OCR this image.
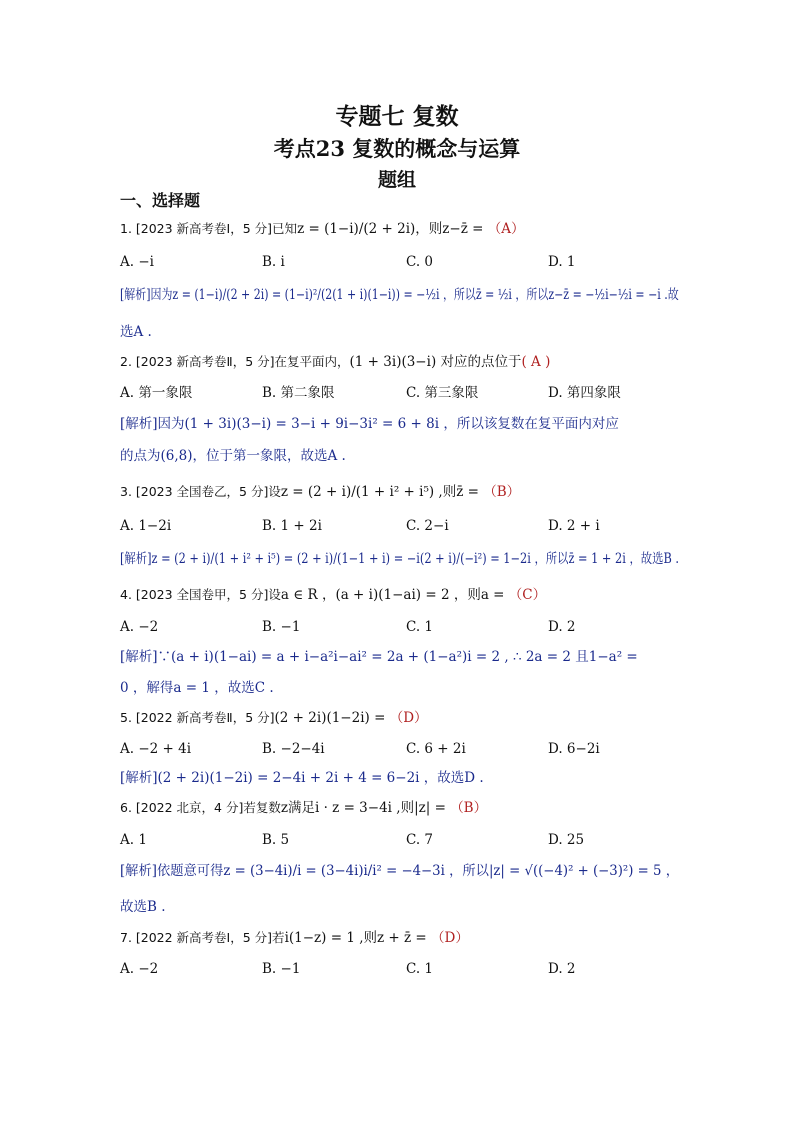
专题七 复数
考点23 复数的概念与运算
题组
一、选择题
1. [2023 新高考卷Ⅰ，5 分]已知z = (1−i)/(2 + 2i)，则z−z̄ = （A）
A. −i	B. i	C. 0	D. 1
[解析]因为z = (1−i)/(2 + 2i) = (1−i)²/(2(1 + i)(1−i)) = −½i ，所以z̄ = ½i ，所以z−z̄ = −½i−½i = −i .故
选A .
2. [2023 新高考卷Ⅱ，5 分]在复平面内，(1 + 3i)(3−i) 对应的点位于( A )
A. 第一象限	B. 第二象限	C. 第三象限	D. 第四象限
[解析]因为(1 + 3i)(3−i) = 3−i + 9i−3i² = 6 + 8i ，所以该复数在复平面内对应
的点为(6,8)，位于第一象限，故选A .
3. [2023 全国卷乙，5 分]设z = (2 + i)/(1 + i² + i⁵) ,则z̄ = （B）
A. 1−2i	B. 1 + 2i	C. 2−i	D. 2 + i
[解析]z = (2 + i)/(1 + i² + i⁵) = (2 + i)/(1−1 + i) = −i(2 + i)/(−i²) = 1−2i ，所以z̄ = 1 + 2i ，故选B .
4. [2023 全国卷甲，5 分]设a ∈ R ，(a + i)(1−ai) = 2 ，则a = （C）
A. −2	B. −1	C. 1	D. 2
[解析]∵(a + i)(1−ai) = a + i−a²i−ai² = 2a + (1−a²)i = 2 , ∴ 2a = 2 且1−a² =
0 ，解得a = 1 ，故选C .
5. [2022 新高考卷Ⅱ，5 分](2 + 2i)(1−2i) = （D）
A. −2 + 4i	B. −2−4i	C. 6 + 2i	D. 6−2i
[解析](2 + 2i)(1−2i) = 2−4i + 2i + 4 = 6−2i ，故选D .
6. [2022 北京，4 分]若复数z满足i · z = 3−4i ,则|z| = （B）
A. 1	B. 5	C. 7	D. 25
[解析]依题意可得z = (3−4i)/i = (3−4i)i/i² = −4−3i ，所以|z| = √((−4)² + (−3)²) = 5 ，
故选B .
7. [2022 新高考卷Ⅰ，5 分]若i(1−z) = 1 ,则z + z̄ = （D）
A. −2	B. −1	C. 1	D. 2
